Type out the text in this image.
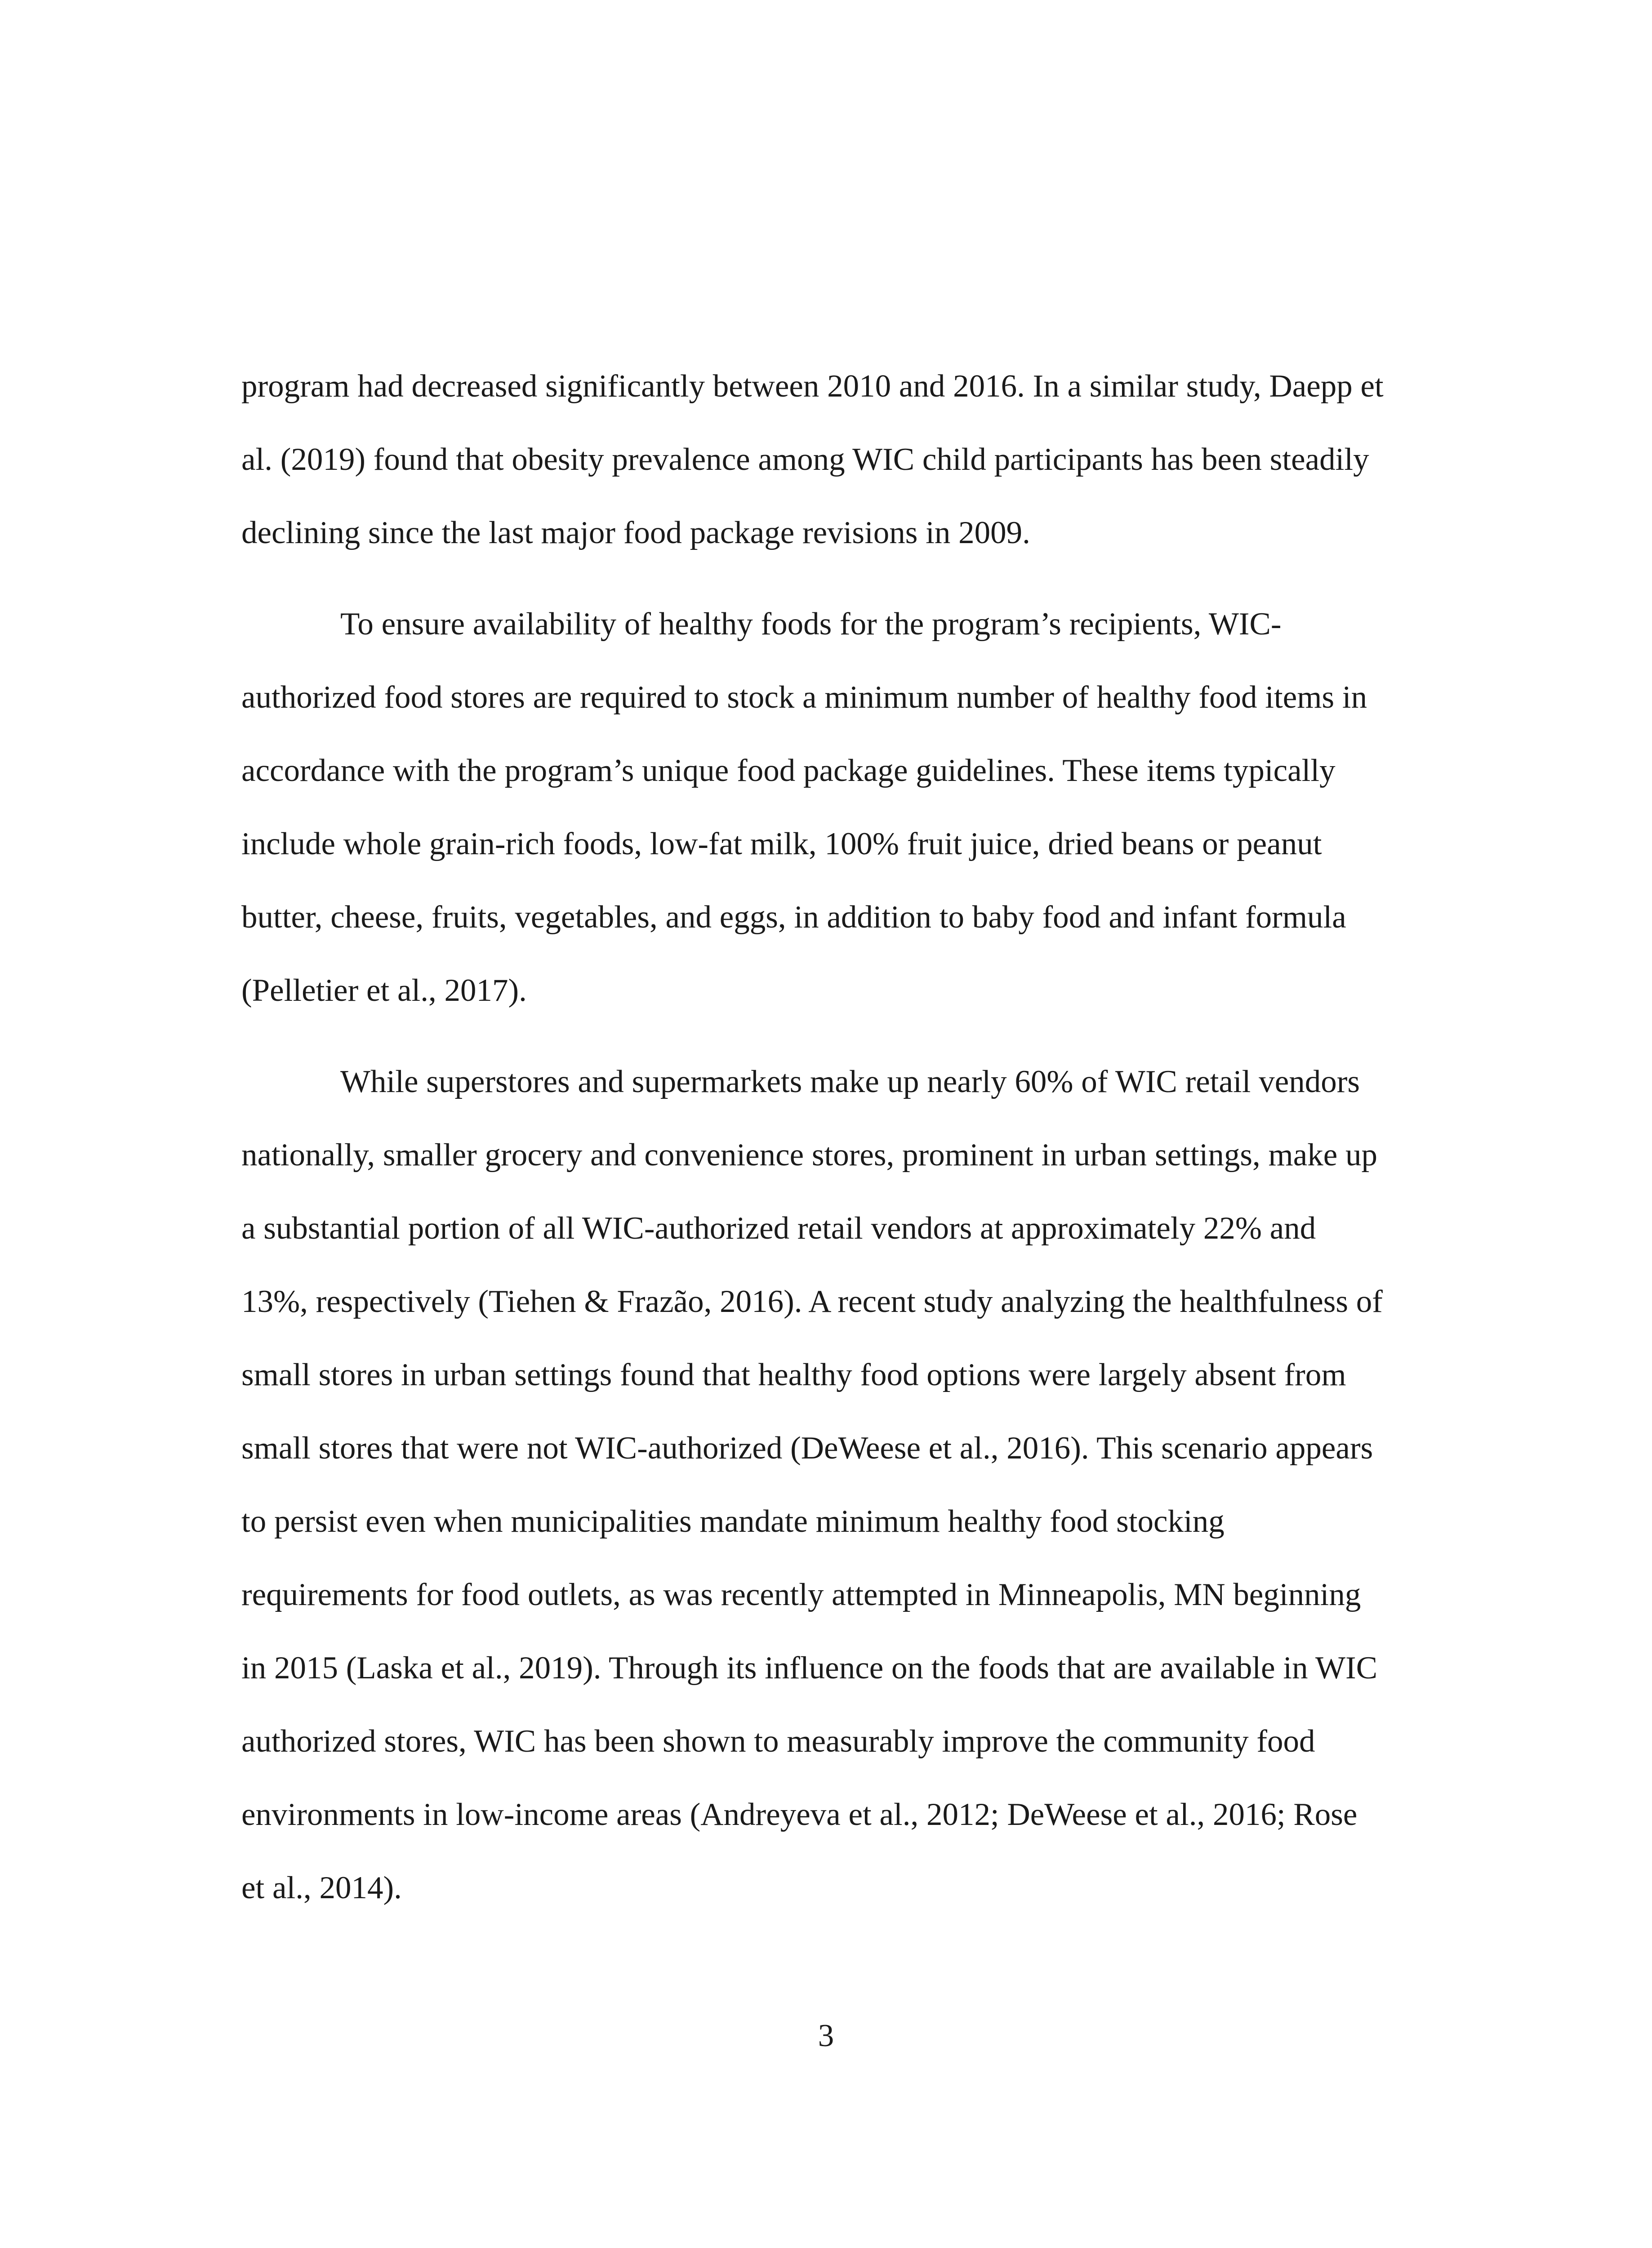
program had decreased significantly between 2010 and 2016. In a similar study, Daepp et
al. (2019) found that obesity prevalence among WIC child participants has been steadily
declining since the last major food package revisions in 2009.
To ensure availability of healthy foods for the program’s recipients, WIC-
authorized food stores are required to stock a minimum number of healthy food items in
accordance with the program’s unique food package guidelines. These items typically
include whole grain-rich foods, low-fat milk, 100% fruit juice, dried beans or peanut
butter, cheese, fruits, vegetables, and eggs, in addition to baby food and infant formula
(Pelletier et al., 2017).
While superstores and supermarkets make up nearly 60% of WIC retail vendors
nationally, smaller grocery and convenience stores, prominent in urban settings, make up
a substantial portion of all WIC-authorized retail vendors at approximately 22% and
13%, respectively (Tiehen & Frazão, 2016). A recent study analyzing the healthfulness of
small stores in urban settings found that healthy food options were largely absent from
small stores that were not WIC-authorized (DeWeese et al., 2016). This scenario appears
to persist even when municipalities mandate minimum healthy food stocking
requirements for food outlets, as was recently attempted in Minneapolis, MN beginning
in 2015 (Laska et al., 2019). Through its influence on the foods that are available in WIC
authorized stores, WIC has been shown to measurably improve the community food
environments in low-income areas (Andreyeva et al., 2012; DeWeese et al., 2016; Rose
et al., 2014).
3
